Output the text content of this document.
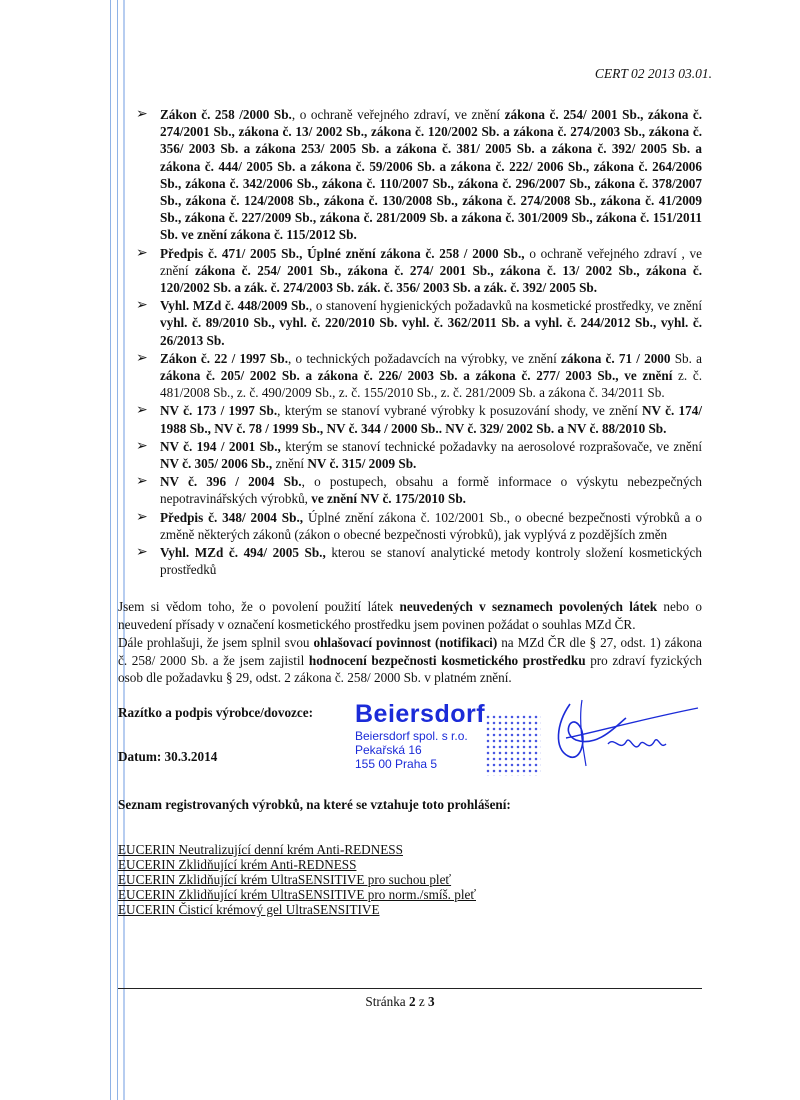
CERT 02 2013 03.01.
➢ Zákon č. 258 /2000 Sb., o ochraně veřejného zdraví, ve znění zákona č. 254/ 2001 Sb., zákona č. 274/2001 Sb., zákona č. 13/ 2002 Sb., zákona č. 120/2002 Sb. a zákona č. 274/2003 Sb., zákona č. 356/ 2003 Sb. a zákona 253/ 2005 Sb. a zákona č. 381/ 2005 Sb. a zákona č. 392/ 2005 Sb. a zákona č. 444/ 2005 Sb. a zákona č. 59/2006 Sb. a zákona č. 222/ 2006 Sb., zákona č. 264/2006 Sb., zákona č. 342/2006 Sb., zákona č. 110/2007 Sb., zákona č. 296/2007 Sb., zákona č. 378/2007 Sb., zákona č. 124/2008 Sb., zákona č. 130/2008 Sb., zákona č. 274/2008 Sb., zákona č. 41/2009 Sb., zákona č. 227/2009 Sb., zákona č. 281/2009 Sb. a zákona č. 301/2009 Sb., zákona č. 151/2011 Sb. ve znění zákona č. 115/2012 Sb.
➢ Předpis č. 471/ 2005 Sb., Úplné znění zákona č. 258 / 2000 Sb., o ochraně veřejného zdraví , ve znění zákona č. 254/ 2001 Sb., zákona č. 274/ 2001 Sb., zákona č. 13/ 2002 Sb., zákona č. 120/2002 Sb. a zák. č. 274/2003 Sb. zák. č. 356/ 2003 Sb. a zák. č. 392/ 2005 Sb.
➢ Vyhl. MZd č. 448/2009 Sb., o stanovení hygienických požadavků na kosmetické prostředky, ve znění vyhl. č. 89/2010 Sb., vyhl. č. 220/2010 Sb. vyhl. č. 362/2011 Sb. a vyhl. č. 244/2012 Sb., vyhl. č. 26/2013 Sb.
➢ Zákon č. 22 / 1997 Sb., o technických požadavcích na výrobky, ve znění zákona č. 71 / 2000 Sb. a zákona č. 205/ 2002 Sb. a zákona č. 226/ 2003 Sb. a zákona č. 277/ 2003 Sb., ve znění z. č. 481/2008 Sb., z. č. 490/2009 Sb., z. č. 155/2010 Sb., z. č. 281/2009 Sb. a zákona č. 34/2011 Sb.
➢ NV č. 173 / 1997 Sb., kterým se stanoví vybrané výrobky k posuzování shody, ve znění NV č. 174/ 1988 Sb., NV č. 78 / 1999 Sb., NV č. 344 / 2000 Sb.. NV č. 329/ 2002 Sb. a NV č. 88/2010 Sb.
➢ NV č. 194 / 2001 Sb., kterým se stanoví technické požadavky na aerosolové rozprašovače, ve znění NV č. 305/ 2006 Sb., znění NV č. 315/ 2009 Sb.
➢ NV č. 396 / 2004 Sb., o postupech, obsahu a formě informace o výskytu nebezpečných nepotravinářských výrobků, ve znění NV č. 175/2010 Sb.
➢ Předpis č. 348/ 2004 Sb., Úplné znění zákona č. 102/2001 Sb., o obecné bezpečnosti výrobků a o změně některých zákonů (zákon o obecné bezpečnosti výrobků), jak vyplývá z pozdějších změn
➢ Vyhl. MZd č. 494/ 2005 Sb., kterou se stanoví analytické metody kontroly složení kosmetických prostředků
Jsem si vědom toho, že o povolení použití látek neuvedených v seznamech povolených látek nebo o neuvedení přísady v označení kosmetického prostředku jsem povinen požádat o souhlas MZd ČR.
Dále prohlašuji, že jsem splnil svou ohlašovací povinnost (notifikaci) na MZd ČR dle § 27, odst. 1) zákona č. 258/ 2000 Sb. a že jsem zajistil hodnocení bezpečnosti kosmetického prostředku pro zdraví fyzických osob dle požadavku § 29, odst. 2 zákona č. 258/ 2000 Sb. v platném znění.
Razítko a podpis výrobce/dovozce:
Datum: 30.3.2014
Beiersdorf
Beiersdorf spol. s r.o.
Pekařská 16
155 00 Praha 5
Seznam registrovaných výrobků, na které se vztahuje toto prohlášení:
EUCERIN Neutralizující denní krém Anti-REDNESS
EUCERIN Zklidňující krém Anti-REDNESS
EUCERIN Zklidňující krém UltraSENSITIVE pro suchou pleť
EUCERIN Zklidňující krém UltraSENSITIVE pro norm./smíš. pleť
EUCERIN Čisticí krémový gel UltraSENSITIVE
Stránka 2 z 3
